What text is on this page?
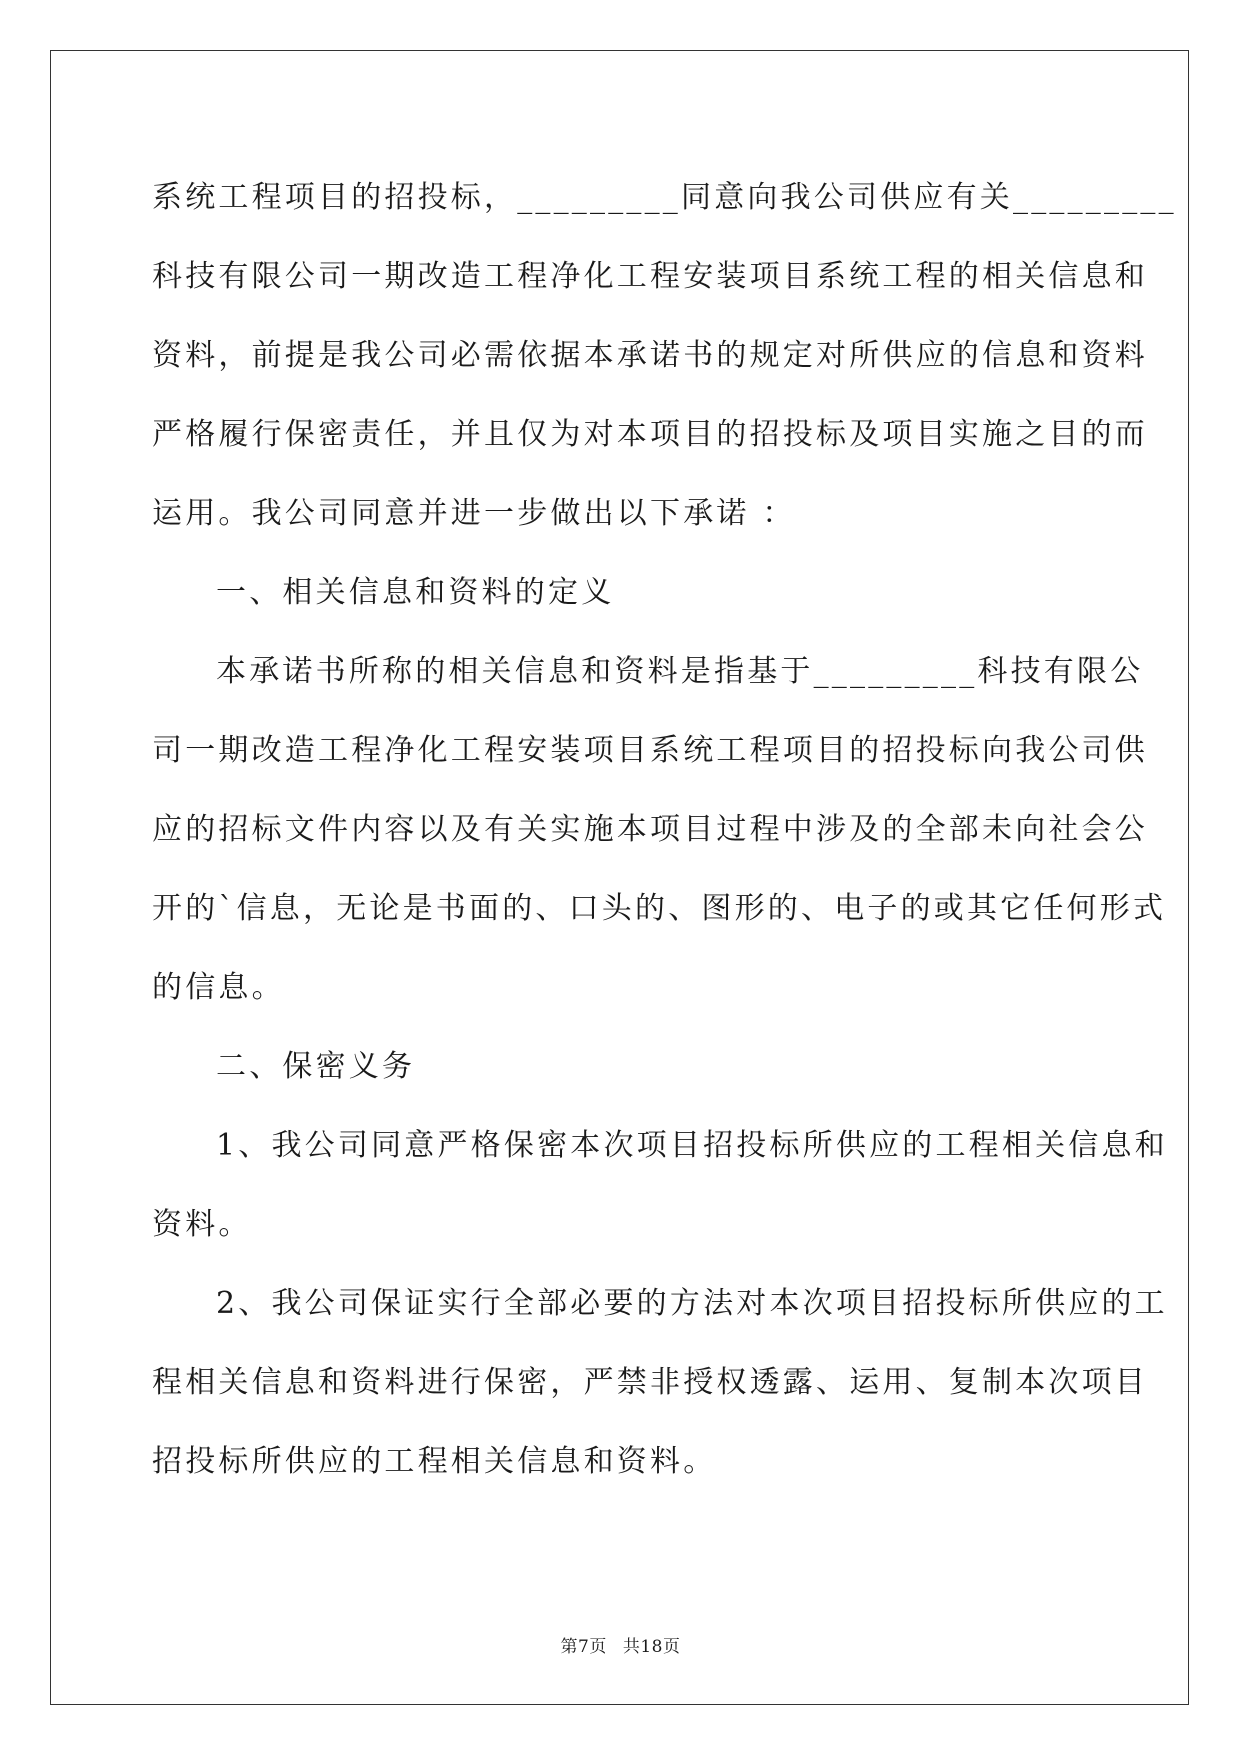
系统工程项目的招投标，_________同意向我公司供应有关_________
科技有限公司一期改造工程净化工程安装项目系统工程的相关信息和
资料，前提是我公司必需依据本承诺书的规定对所供应的信息和资料
严格履行保密责任，并且仅为对本项目的招投标及项目实施之目的而
运用。我公司同意并进一步做出以下承诺 ：
一、相关信息和资料的定义
本承诺书所称的相关信息和资料是指基于_________科技有限公
司一期改造工程净化工程安装项目系统工程项目的招投标向我公司供
应的招标文件内容以及有关实施本项目过程中涉及的全部未向社会公
开的`信息，无论是书面的、口头的、图形的、电子的或其它任何形式
的信息。
二、保密义务
1、我公司同意严格保密本次项目招投标所供应的工程相关信息和
资料。
2、我公司保证实行全部必要的方法对本次项目招投标所供应的工
程相关信息和资料进行保密，严禁非授权透露、运用、复制本次项目
招投标所供应的工程相关信息和资料。
第7页 共18页
